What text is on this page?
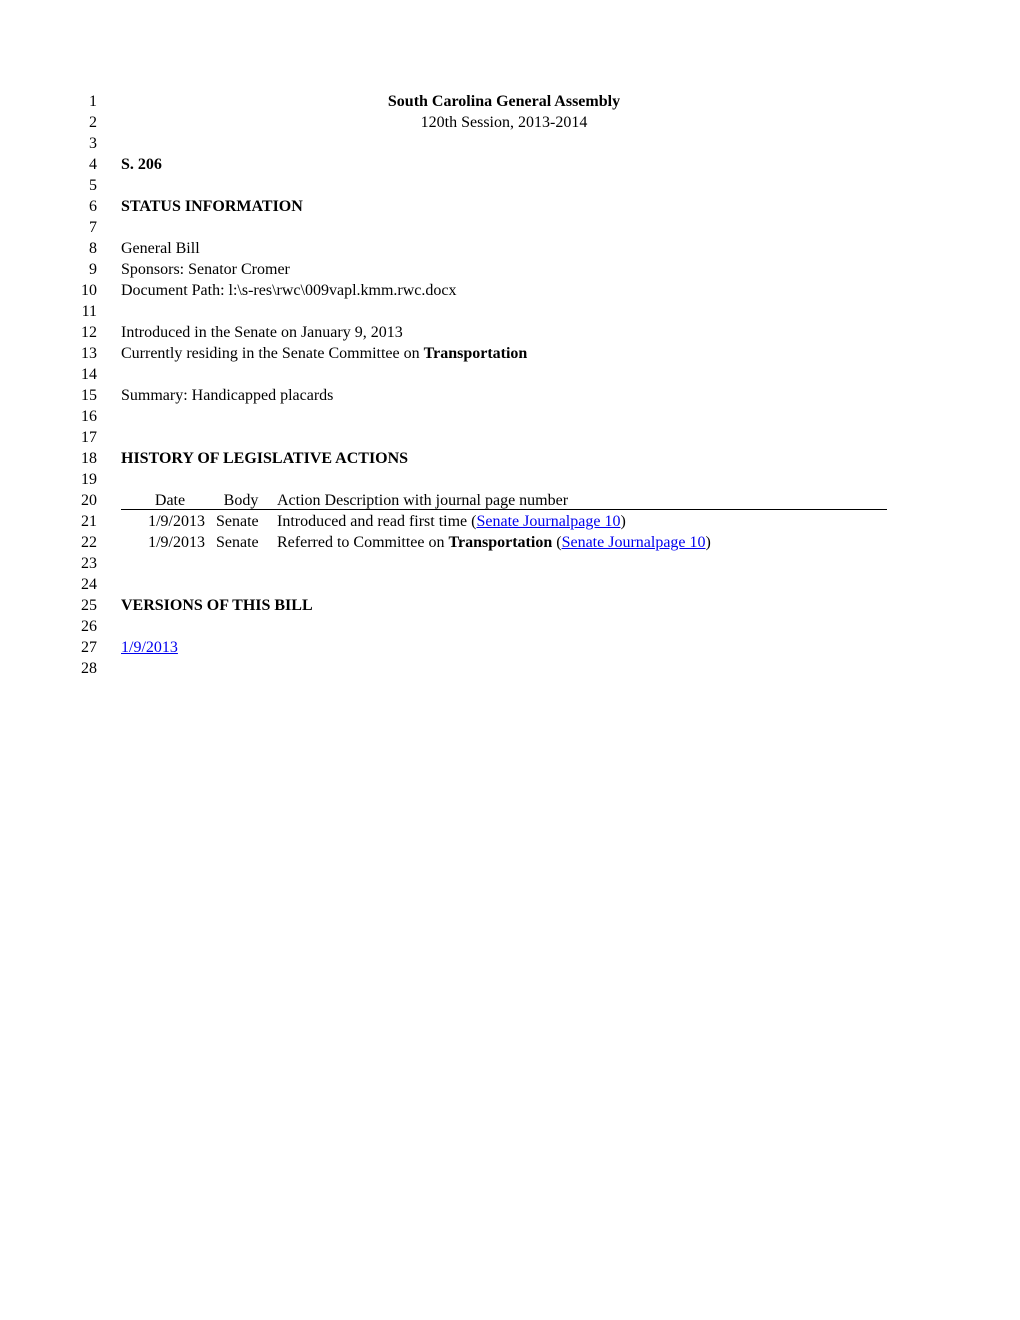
1	South Carolina General Assembly
2	120th Session, 2013-2014
3
4 S. 206
5
6 STATUS INFORMATION
7
8 General Bill
9 Sponsors: Senator Cromer
10 Document Path: l:\s-res\rwc\009vapl.kmm.rwc.docx
11
12 Introduced in the Senate on January 9, 2013
13 Currently residing in the Senate Committee on Transportation
14
15 Summary: Handicapped placards
16
17
18 HISTORY OF LEGISLATIVE ACTIONS
19
20	Date	Body	Action Description with journal page number
21	1/9/2013 Senate	Introduced and read first time (Senate Journalpage 10)
22	1/9/2013 Senate	Referred to Committee on Transportation (Senate Journalpage 10)
23
24
25 VERSIONS OF THIS BILL
26
27 1/9/2013
28
